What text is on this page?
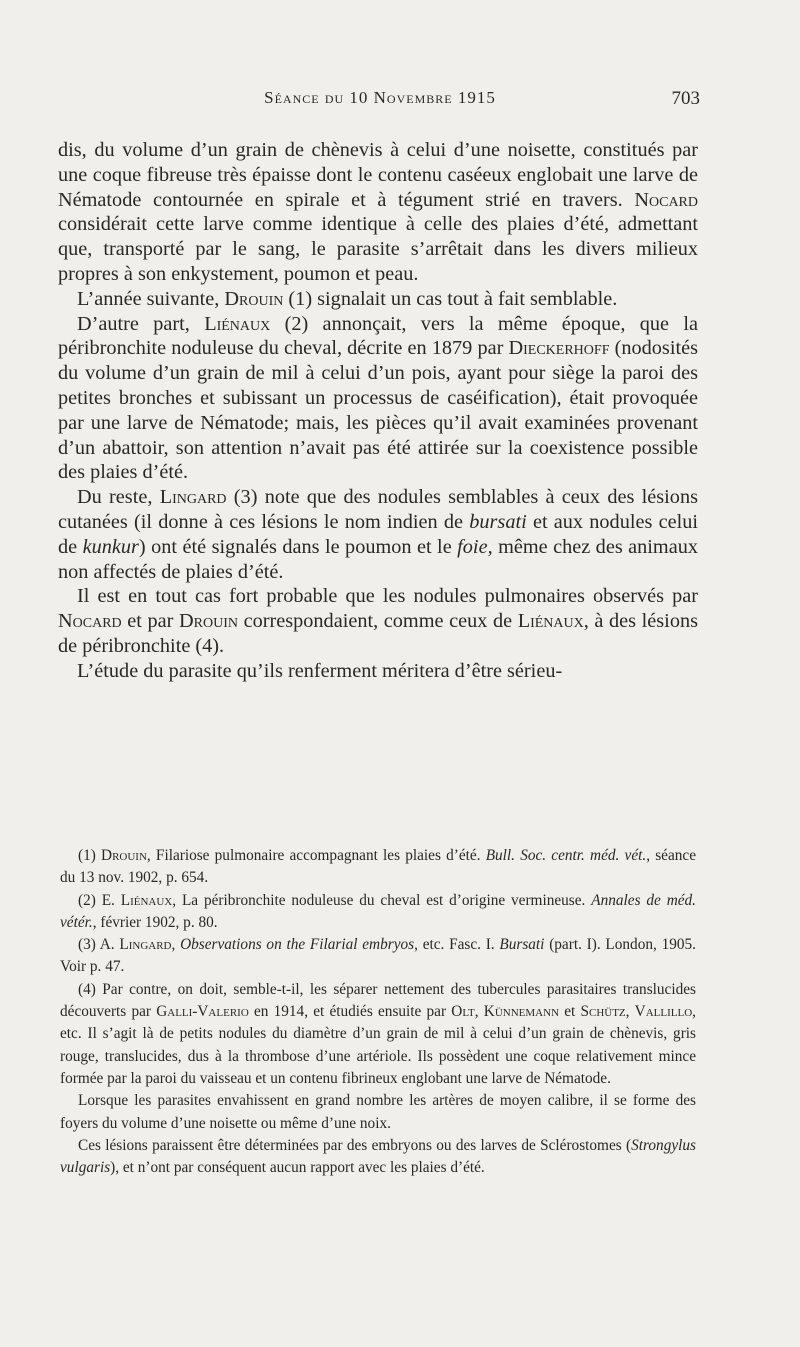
Séance du 10 Novembre 1915	703

dis, du volume d’un grain de chènevis à celui d’une noisette, constitués par une coque fibreuse très épaisse dont le contenu caséeux englobait une larve de Nématode contournée en spirale et à tégument strié en travers. Nocard considérait cette larve comme identique à celle des plaies d’été, admettant que, transporté par le sang, le parasite s’arrêtait dans les divers milieux propres à son enkystement, poumon et peau.

L’année suivante, Drouin (1) signalait un cas tout à fait semblable.

D’autre part, Liénaux (2) annonçait, vers la même époque, que la péribronchite noduleuse du cheval, décrite en 1879 par Dieckerhoff (nodosités du volume d’un grain de mil à celui d’un pois, ayant pour siège la paroi des petites bronches et subissant un processus de caséification), était provoquée par une larve de Nématode; mais, les pièces qu’il avait examinées provenant d’un abattoir, son attention n’avait pas été attirée sur la coexistence possible des plaies d’été.

Du reste, Lingard (3) note que des nodules semblables à ceux des lésions cutanées (il donne à ces lésions le nom indien de bursati et aux nodules celui de kunkur) ont été signalés dans le poumon et le foie, même chez des animaux non affectés de plaies d’été.

Il est en tout cas fort probable que les nodules pulmonaires observés par Nocard et par Drouin correspondaient, comme ceux de Liénaux, à des lésions de péribronchite (4).

L’étude du parasite qu’ils renferment méritera d’être sérieu-

(1) Drouin, Filariose pulmonaire accompagnant les plaies d’été. Bull. Soc. centr. méd. vét., séance du 13 nov. 1902, p. 654.

(2) E. Liénaux, La péribronchite noduleuse du cheval est d’origine vermineuse. Annales de méd. vétér., février 1902, p. 80.

(3) A. Lingard, Observations on the Filarial embryos, etc. Fasc. I. Bursati (part. I). London, 1905. Voir p. 47.

(4) Par contre, on doit, semble-t-il, les séparer nettement des tubercules parasitaires translucides découverts par Galli-Valerio en 1914, et étudiés ensuite par Olt, Künnemann et Schütz, Vallillo, etc. Il s’agit là de petits nodules du diamètre d’un grain de mil à celui d’un grain de chènevis, gris rouge, translucides, dus à la thrombose d’une artériole. Ils possèdent une coque relativement mince formée par la paroi du vaisseau et un contenu fibrineux englobant une larve de Nématode.

Lorsque les parasites envahissent en grand nombre les artères de moyen calibre, il se forme des foyers du volume d’une noisette ou même d’une noix.

Ces lésions paraissent être déterminées par des embryons ou des larves de Sclérostomes (Strongylus vulgaris), et n’ont par conséquent aucun rapport avec les plaies d’été.
